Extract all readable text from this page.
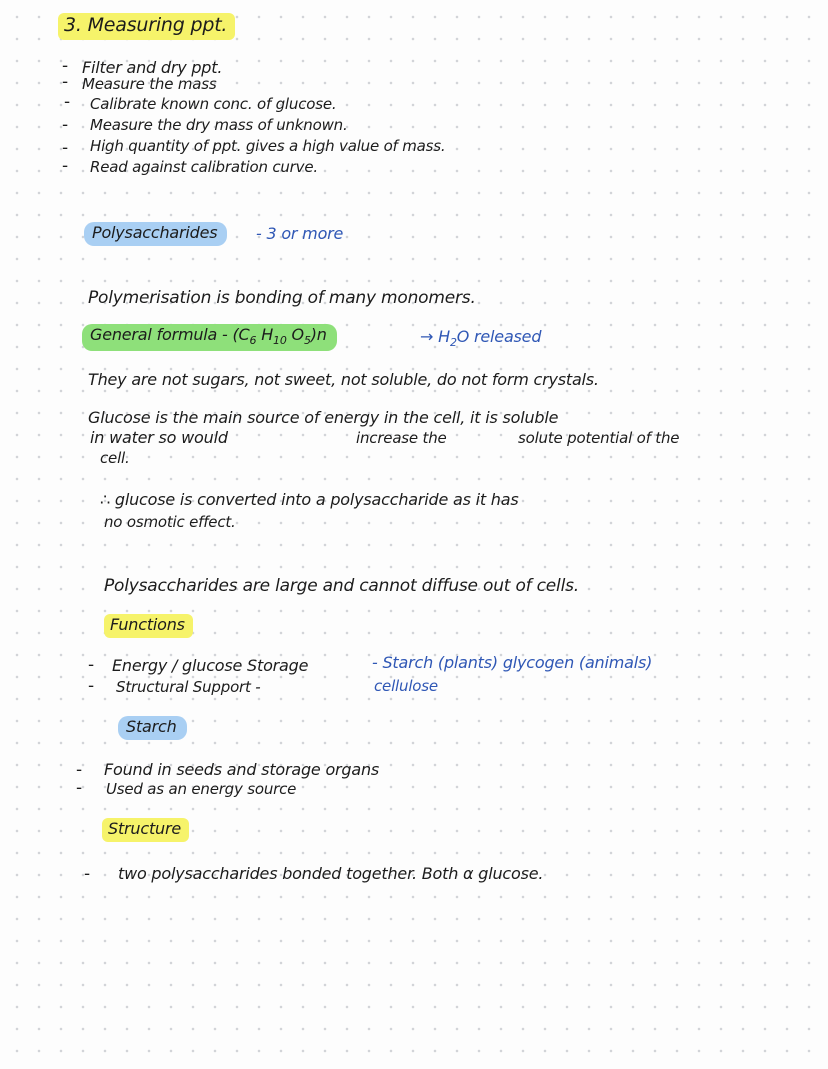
3. Measuring ppt.
- Filter and dry ppt.
- Measure the mass
- Calibrate known conc. of glucose.
- Measure the dry mass of unknown.
- High quantity of ppt. gives a high value of mass.
- Read against calibration curve.
Polysaccharides	- 3 or more
Polymerisation is bonding of many monomers.
General formula - ($C_6$ $H_{10}$ $O_5)n$	→ $H_2O$ released
They are not sugars, not sweet, not soluble, do not form crystals.
Glucose is the main source of energy in the cell, it is soluble
in water so would	increase the	solute potential of the
cell.
∴ glucose is converted into a polysaccharide as it has
no osmotic effect.
Polysaccharides are large and cannot diffuse out of cells.
Functions
- Energy / glucose Storage	- Starch (plants) glycogen (animals)
- Structural Support -	cellulose
Starch
- Found in seeds and storage organs
- Used as an energy source
Structure
- two polysaccharides bonded together. Both α glucose.
